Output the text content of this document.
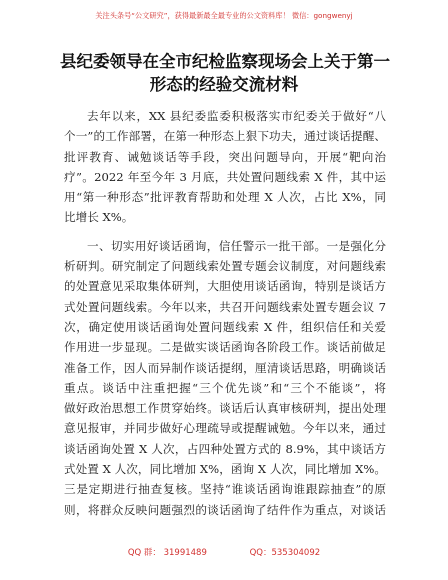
关注头条号“公文研究”，获得最新最全最专业的公文资料库！ 微信：gongwenyj
县纪委领导在全市纪检监察现场会上关于第一
形态的经验交流材料
去年以来，XX 县纪委监委积极落实市纪委关于做好“八
个一”的工作部署，在第一种形态上狠下功夫，通过谈话提醒、
批评教育、诫勉谈话等手段，突出问题导向，开展“靶向治
疗”。2022 年至今年 3 月底，共处置问题线索 X 件，其中运
用“第一种形态”批评教育帮助和处理 X 人次，占比 X%，同
比增长 X%。
一、切实用好谈话函询，信任警示一批干部。一是强化分
析研判。研究制定了问题线索处置专题会议制度，对问题线索
的处置意见采取集体研判，大胆使用谈话函询，特别是谈话方
式处置问题线索。今年以来，共召开问题线索处置专题会议 7
次，确定使用谈话函询处置问题线索 X 件，组织信任和关爱
作用进一步显现。二是做实谈话函询各阶段工作。谈话前做足
准备工作，因人而异制作谈话提纲，厘清谈话思路，明确谈话
重点。谈话中注重把握“三个优先谈”和“三个不能谈”，将
做好政治思想工作贯穿始终。谈话后认真审核研判，提出处理
意见报审，并同步做好心理疏导或提醒诫勉。今年以来，通过
谈话函询处置 X 人次，占四种处置方式的 8.9%，其中谈话方
式处置 X 人次，同比增加 X%，函询 X 人次，同比增加 X%。
三是定期进行抽查复核。坚持“谁谈话函询谁跟踪抽查”的原
则，将群众反映问题强烈的谈话函询了结件作为重点，对谈话
QQ 群： 31991489	QQ：535304092
